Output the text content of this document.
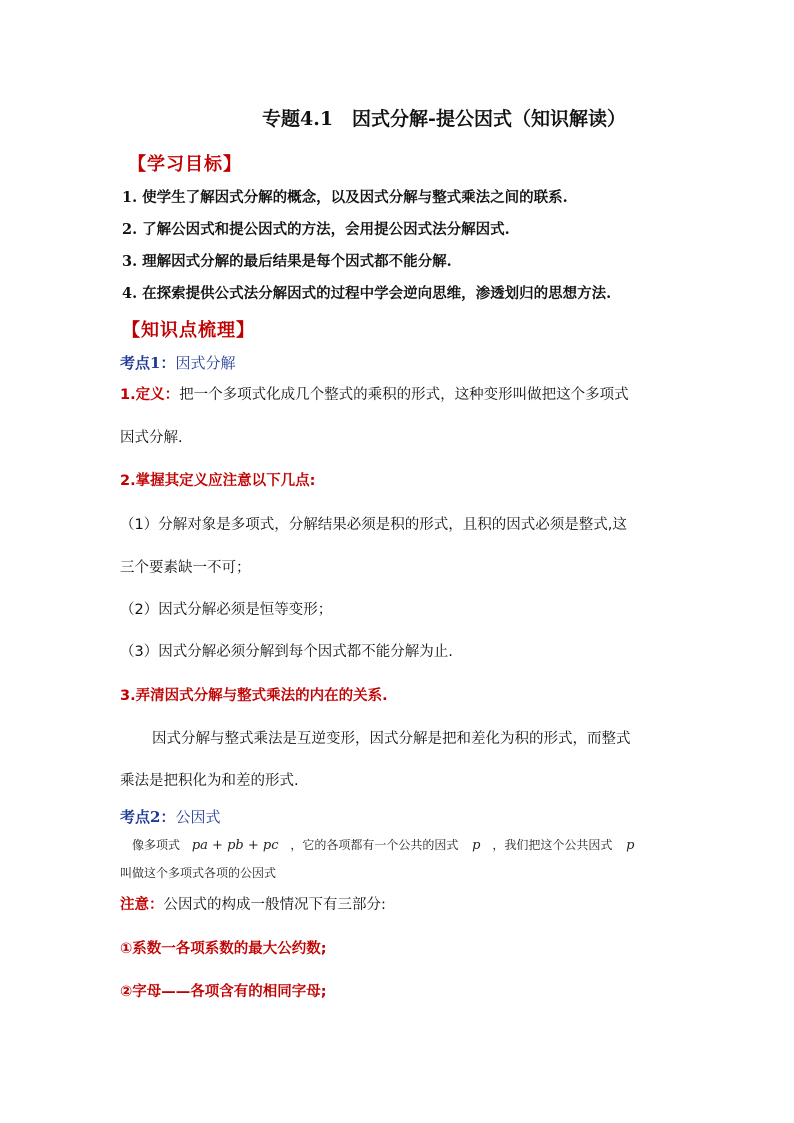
专题4.1　因式分解-提公因式（知识解读）
【学习目标】
1. 使学生了解因式分解的概念，以及因式分解与整式乘法之间的联系.
2. 了解公因式和提公因式的方法，会用提公因式法分解因式.
3. 理解因式分解的最后结果是每个因式都不能分解.
4. 在探索提供公式法分解因式的过程中学会逆向思维，渗透划归的思想方法.
【知识点梳理】
考点1：因式分解
1.定义：把一个多项式化成几个整式的乘积的形式，这种变形叫做把这个多项式
因式分解.
2.掌握其定义应注意以下几点:
（1）分解对象是多项式，分解结果必须是积的形式，且积的因式必须是整式,这
三个要素缺一不可；
（2）因式分解必须是恒等变形；
（3）因式分解必须分解到每个因式都不能分解为止.
3.弄清因式分解与整式乘法的内在的关系.
因式分解与整式乘法是互逆变形，因式分解是把和差化为积的形式，而整式
乘法是把积化为和差的形式.
考点2：公因式
像多项式 pa + pb + pc ，它的各项都有一个公共的因式 p ，我们把这个公共因式 p
叫做这个多项式各项的公因式
注意：公因式的构成一般情况下有三部分:
①系数一各项系数的最大公约数;
②字母——各项含有的相同字母;
